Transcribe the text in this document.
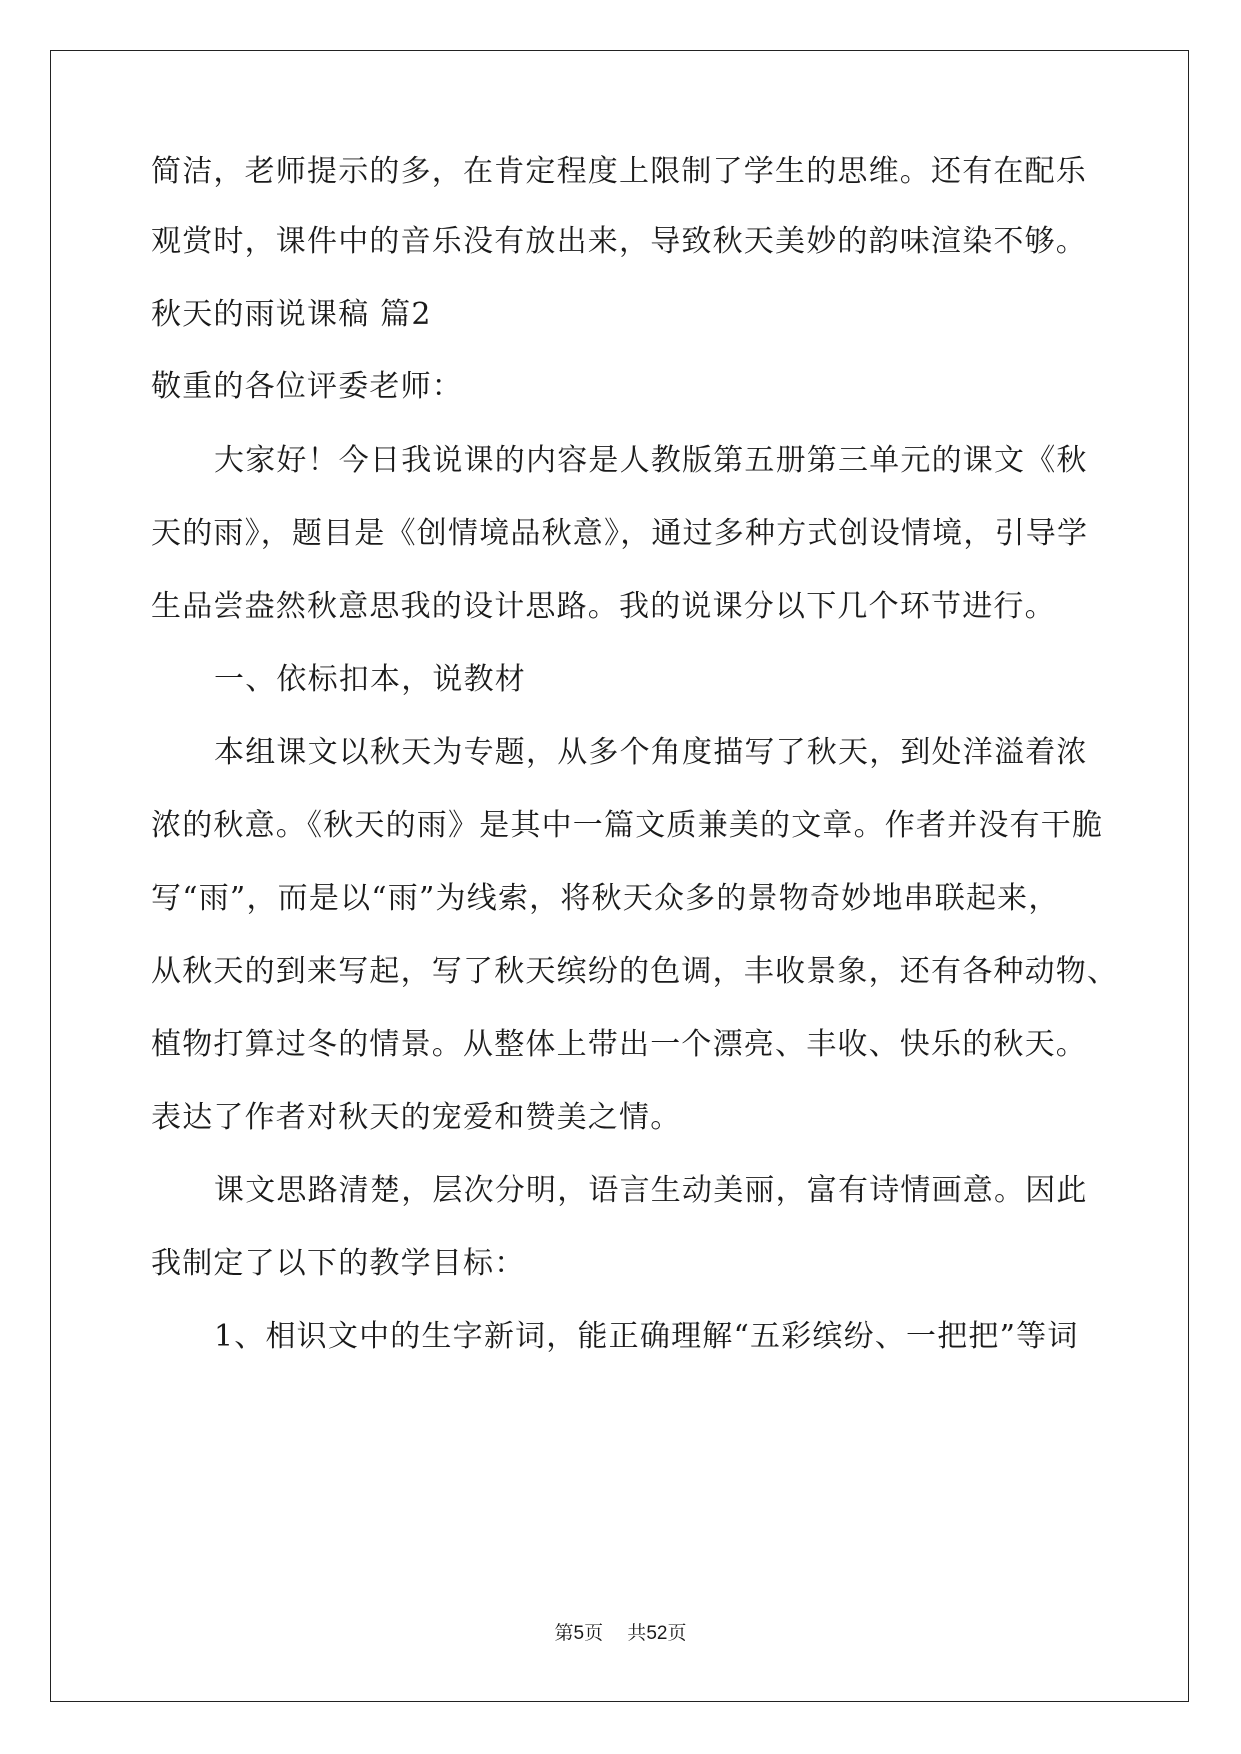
简洁，老师提示的多，在肯定程度上限制了学生的思维。还有在配乐
观赏时，课件中的音乐没有放出来，导致秋天美妙的韵味渲染不够。
秋天的雨说课稿 篇2
敬重的各位评委老师：
大家好！今日我说课的内容是人教版第五册第三单元的课文《秋
天的雨》，题目是《创情境品秋意》，通过多种方式创设情境，引导学
生品尝盎然秋意思我的设计思路。我的说课分以下几个环节进行。
一、依标扣本，说教材
本组课文以秋天为专题，从多个角度描写了秋天，到处洋溢着浓
浓的秋意。《秋天的雨》是其中一篇文质兼美的文章。作者并没有干脆
写“雨”，而是以“雨”为线索，将秋天众多的景物奇妙地串联起来，
从秋天的到来写起，写了秋天缤纷的色调，丰收景象，还有各种动物、
植物打算过冬的情景。从整体上带出一个漂亮、丰收、快乐的秋天。
表达了作者对秋天的宠爱和赞美之情。
课文思路清楚，层次分明，语言生动美丽，富有诗情画意。因此
我制定了以下的教学目标：
1、相识文中的生字新词，能正确理解“五彩缤纷、一把把”等词
第5页 共52页
